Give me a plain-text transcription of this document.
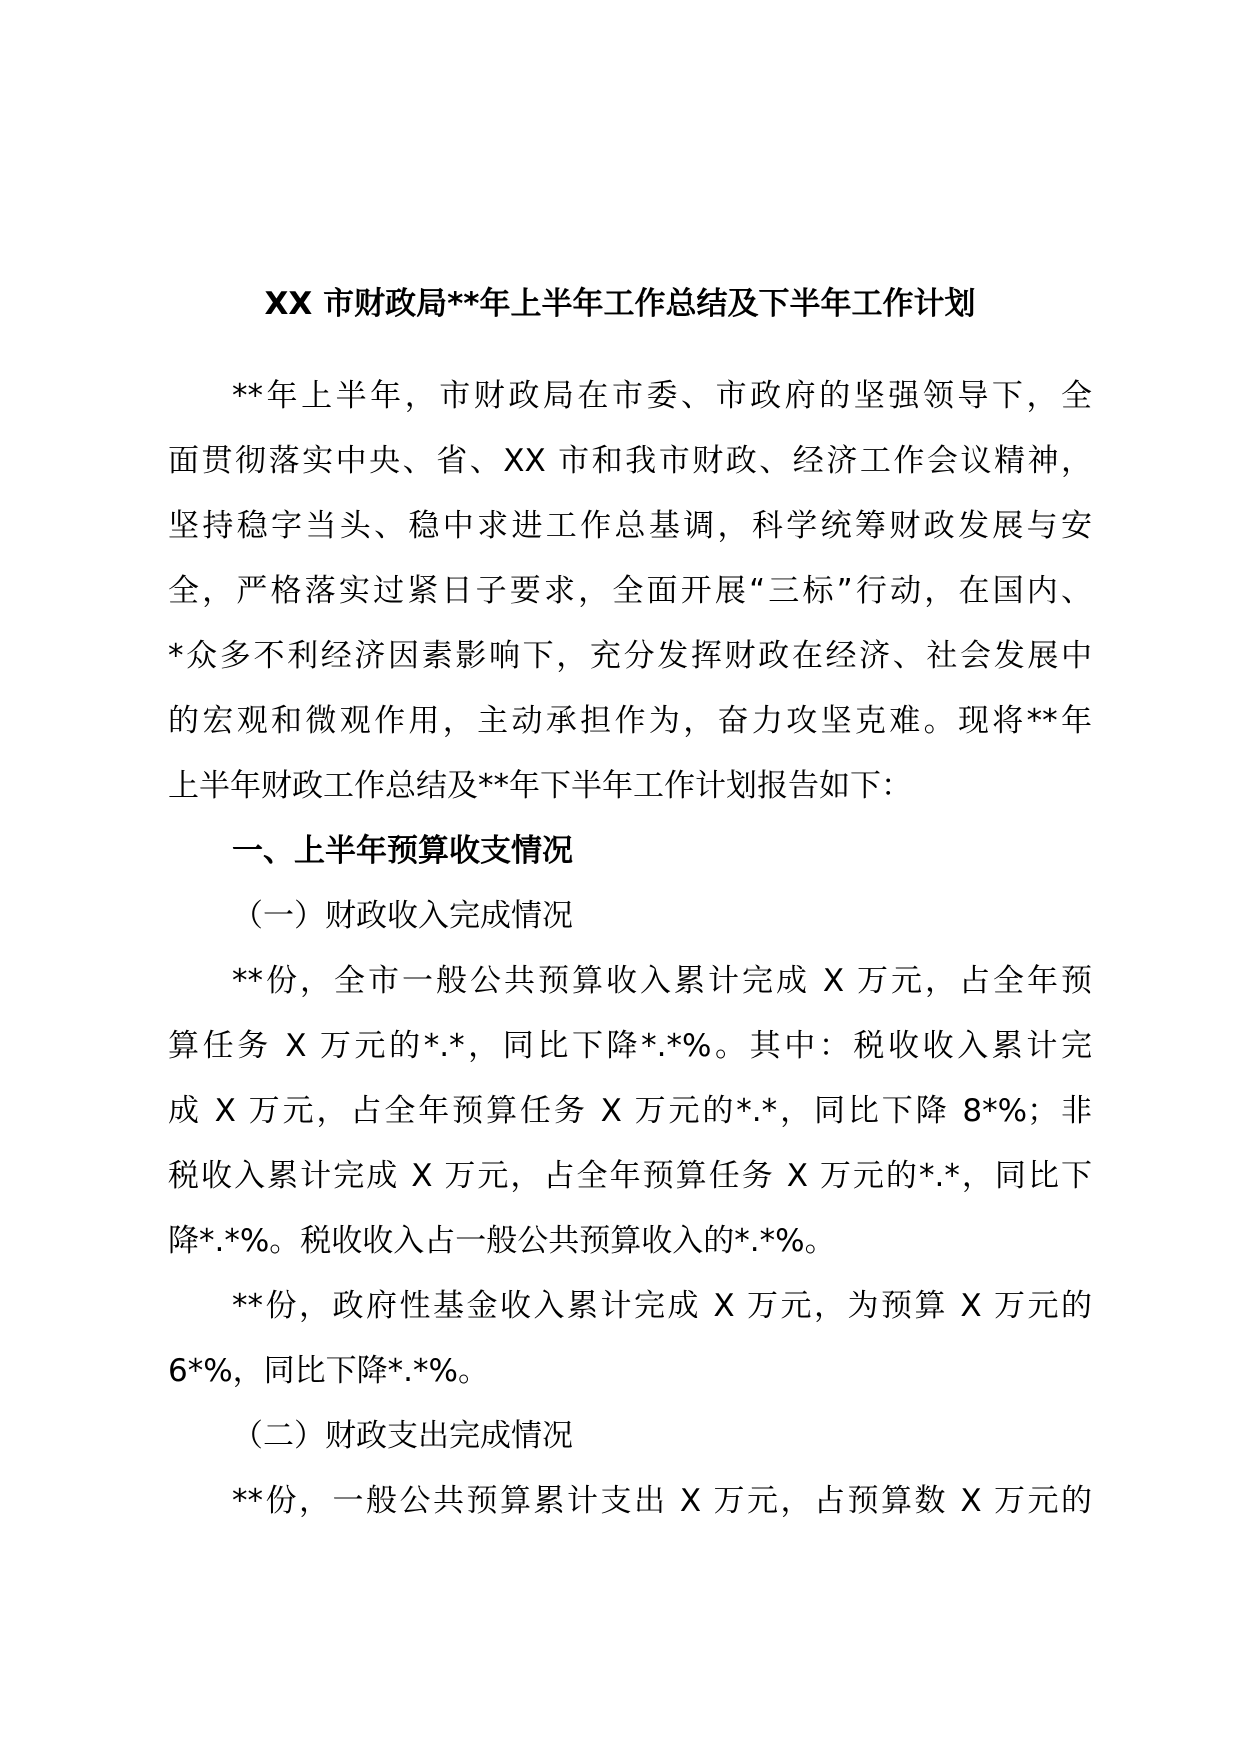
XX 市财政局**年上半年工作总结及下半年工作计划
**年上半年，市财政局在市委、市政府的坚强领导下，全
面贯彻落实中央、省、XX 市和我市财政、经济工作会议精神，
坚持稳字当头、稳中求进工作总基调，科学统筹财政发展与安
全，严格落实过紧日子要求，全面开展“三标”行动，在国内、
*众多不利经济因素影响下，充分发挥财政在经济、社会发展中
的宏观和微观作用，主动承担作为，奋力攻坚克难。现将**年
上半年财政工作总结及**年下半年工作计划报告如下：
一、上半年预算收支情况
（一）财政收入完成情况
**份，全市一般公共预算收入累计完成 X 万元，占全年预
算任务 X 万元的*.*，同比下降*.*%。其中：税收收入累计完
成 X 万元，占全年预算任务 X 万元的*.*，同比下降 8*%；非
税收入累计完成 X 万元，占全年预算任务 X 万元的*.*，同比下
降*.*%。税收收入占一般公共预算收入的*.*%。
**份，政府性基金收入累计完成 X 万元，为预算 X 万元的
6*%，同比下降*.*%。
（二）财政支出完成情况
**份，一般公共预算累计支出 X 万元，占预算数 X 万元的
